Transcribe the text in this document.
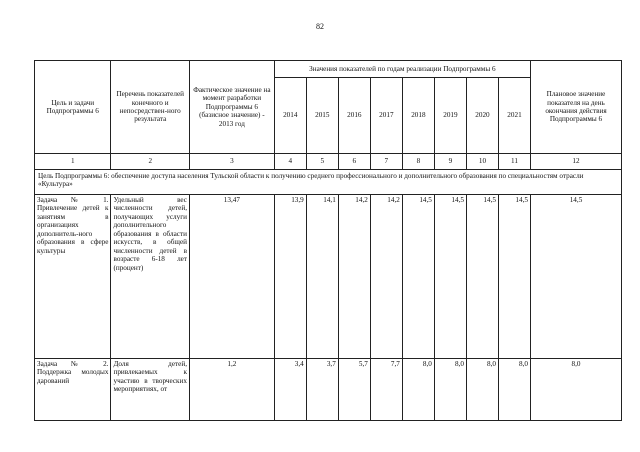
82
Цель и задачи Подпрограммы 6	Перечень показателей конечного и непосредствен-ного результата	Фактическое значение на момент разработки Подпрограммы 6 (базисное значение) - 2013 год	Значения показателей по годам реализации Подпрограммы 6								Плановое значение показателя на день окончания действия Подпрограммы 6
			2014	2015	2016	2017	2018	2019	2020	2021	
1	2	3	4	5	6	7	8	9	10	11	12
Цель Подпрограммы 6: обеспечение доступа населения Тульской области к получению среднего профессионального и дополнительного образования по специальностям отрасли «Культура»											
Задача № 1. Привлечение детей к занятиям в организациях дополнитель-ного образования в сфере культуры	Удельный вес численности детей, получающих услуги дополнительного образования в области искусств, в общей численности детей в возрасте 6-18 лет (процент)	13,47	13,9	14,1	14,2	14,2	14,5	14,5	14,5	14,5	14,5
Задача № 2. Поддержка молодых дарований	Доля детей, привлекаемых к участию в творческих мероприятиях, от	1,2	3,4	3,7	5,7	7,7	8,0	8,0	8,0	8,0	8,0
